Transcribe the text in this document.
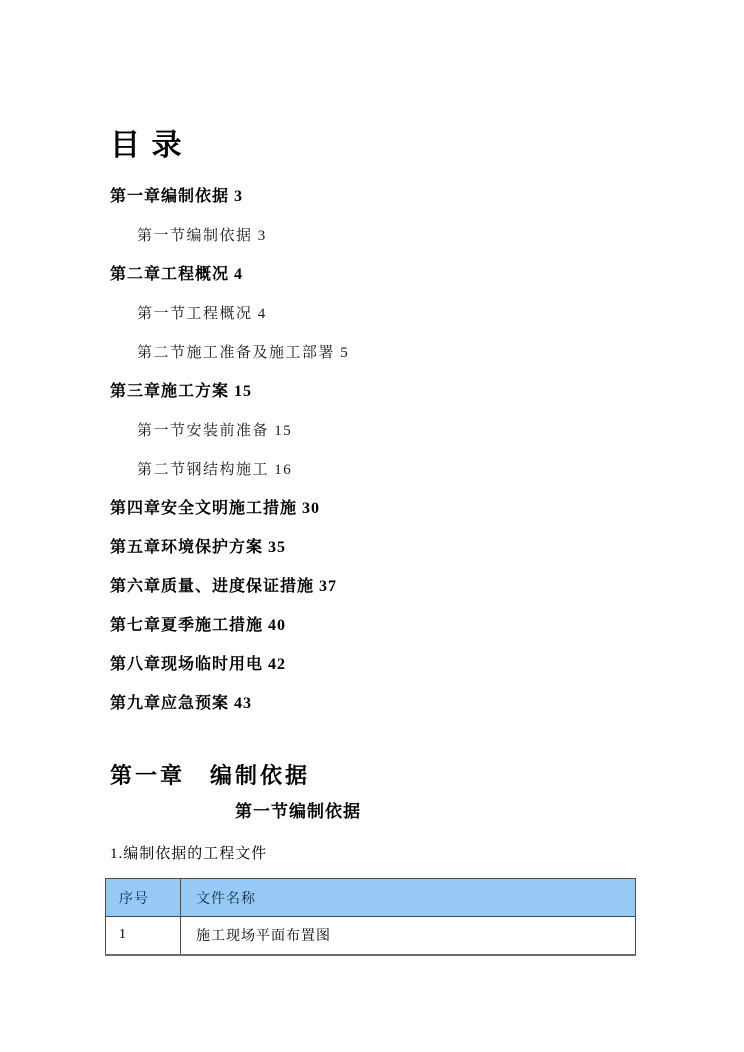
目 录
第一章编制依据 3
第一节编制依据 3
第二章工程概况 4
第一节工程概况 4
第二节施工准备及施工部署 5
第三章施工方案 15
第一节安装前准备 15
第二节钢结构施工 16
第四章安全文明施工措施 30
第五章环境保护方案 35
第六章质量、进度保证措施 37
第七章夏季施工措施 40
第八章现场临时用电 42
第九章应急预案 43
第一章　编制依据
第一节编制依据
1.编制依据的工程文件
序号	文件名称
1	施工现场平面布置图
